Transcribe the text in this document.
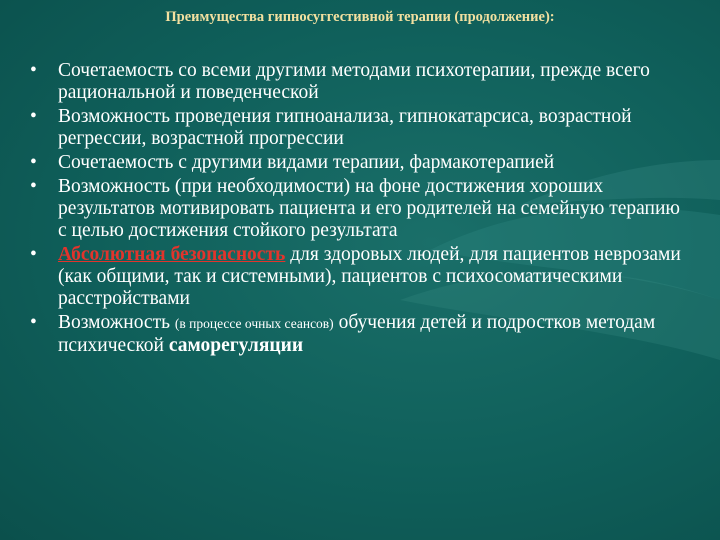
Преимущества гипносуггестивной терапии (продолжение):
• Сочетаемость со всеми другими методами психотерапии, прежде всего рациональной и поведенческой
• Возможность проведения гипноанализа, гипнокатарсиса, возрастной регрессии, возрастной прогрессии
• Сочетаемость с другими видами терапии, фармакотерапией
• Возможность (при необходимости) на фоне достижения хороших результатов мотивировать пациента и его родителей на семейную терапию с целью достижения стойкого результата
• Абсолютная безопасность для здоровых людей, для пациентов неврозами (как общими, так и системными), пациентов с психосоматическими расстройствами
• Возможность (в процессе очных сеансов) обучения детей и подростков методам психической саморегуляции
